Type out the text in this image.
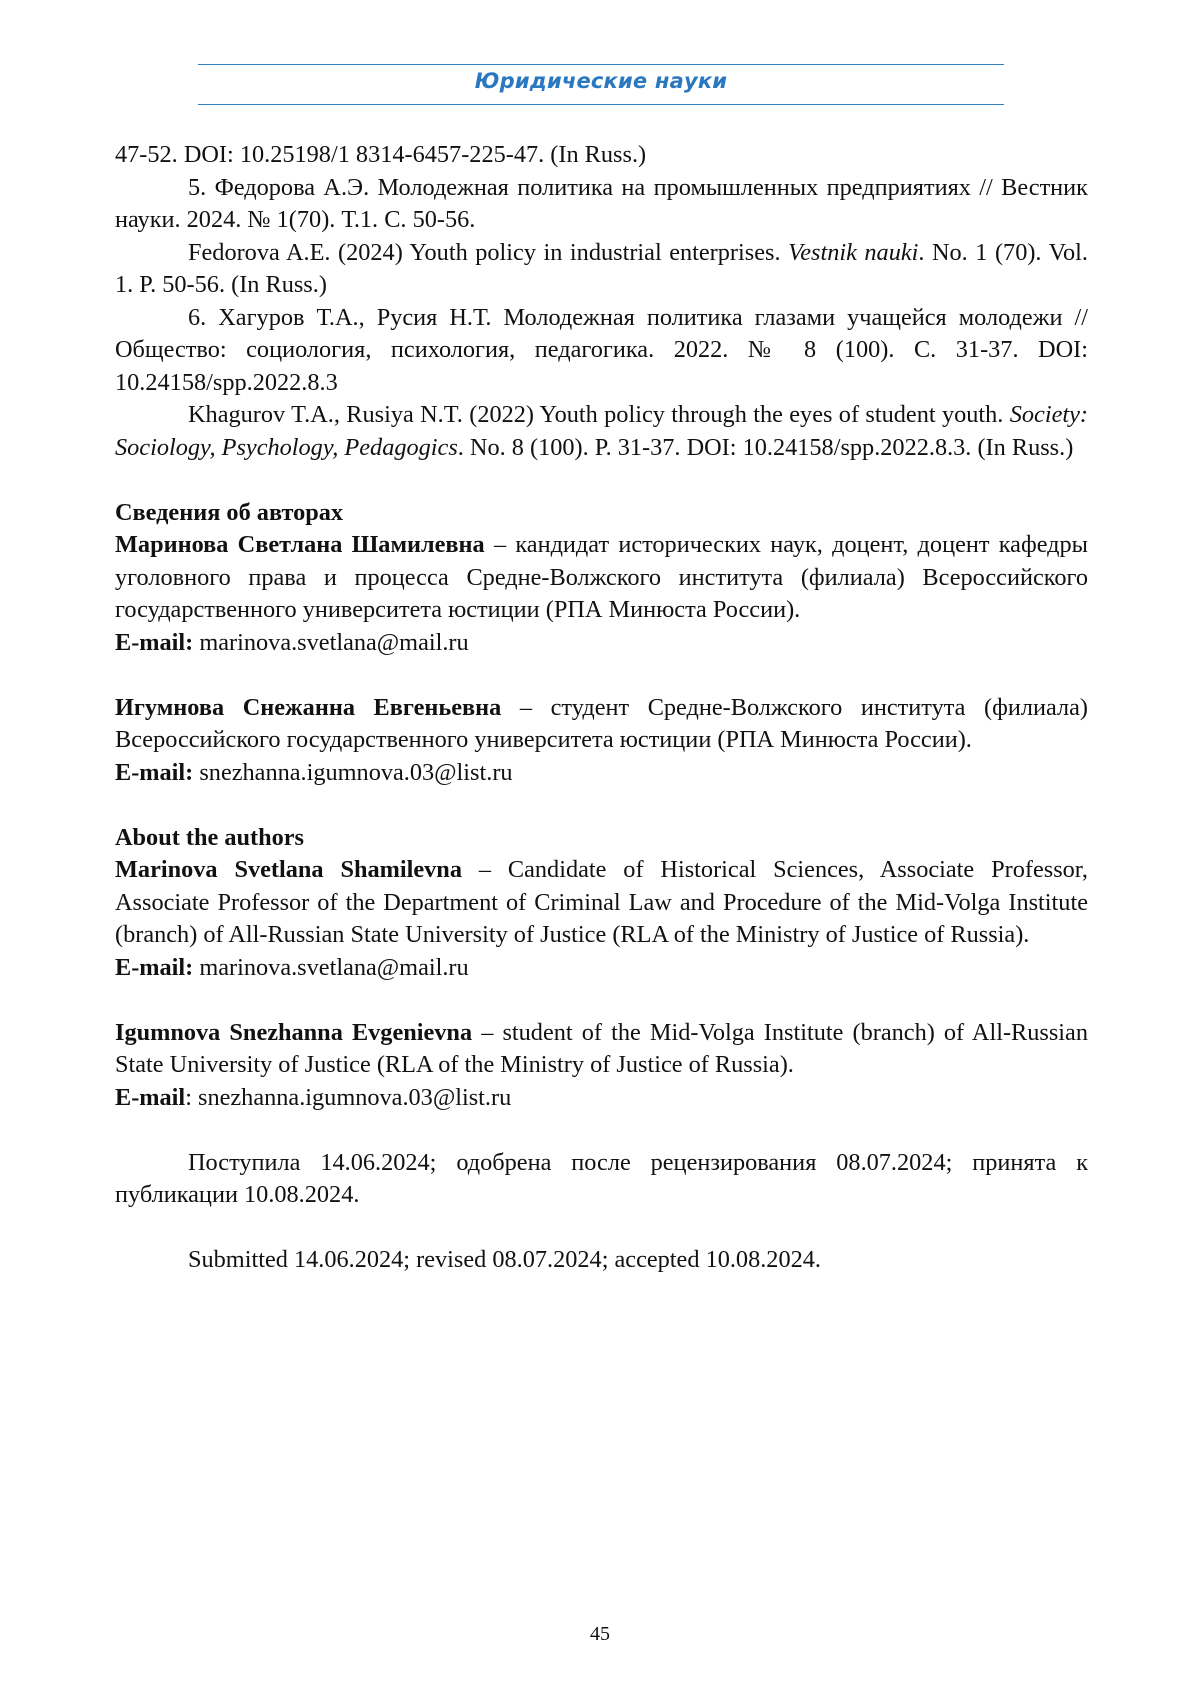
Юридические науки

47-52. DOI: 10.25198/1 8314-6457-225-47. (In Russ.)

5. Федорова А.Э. Молодежная политика на промышленных предприятиях // Вестник науки. 2024. № 1(70). Т.1. С. 50-56.

Fedorova A.E. (2024) Youth policy in industrial enterprises. Vestnik nauki. No. 1 (70). Vol. 1. P. 50-56. (In Russ.)

6. Хагуров Т.А., Русия Н.Т. Молодежная политика глазами учащейся молодежи // Общество: социология, психология, педагогика. 2022. № 8 (100). С. 31-37. DOI: 10.24158/spp.2022.8.3

Khagurov T.A., Rusiya N.T. (2022) Youth policy through the eyes of student youth. Society: Sociology, Psychology, Pedagogics. No. 8 (100). P. 31-37. DOI: 10.24158/spp.2022.8.3. (In Russ.)

Сведения об авторах

Маринова Светлана Шамилевна – кандидат исторических наук, доцент, доцент кафедры уголовного права и процесса Средне-Волжского института (филиала) Всероссийского государственного университета юстиции (РПА Минюста России).

E-mail: marinova.svetlana@mail.ru

Игумнова Снежанна Евгеньевна – студент Средне-Волжского института (филиала) Всероссийского государственного университета юстиции (РПА Минюста России).

E-mail: snezhanna.igumnova.03@list.ru

About the authors

Marinova Svetlana Shamilevna – Candidate of Historical Sciences, Associate Professor, Associate Professor of the Department of Criminal Law and Procedure of the Mid-Volga Institute (branch) of All-Russian State University of Justice (RLA of the Ministry of Justice of Russia).

E-mail: marinova.svetlana@mail.ru

Igumnova Snezhanna Evgenievna – student of the Mid-Volga Institute (branch) of All-Russian State University of Justice (RLA of the Ministry of Justice of Russia).

E-mail: snezhanna.igumnova.03@list.ru

Поступила 14.06.2024; одобрена после рецензирования 08.07.2024; принята к публикации 10.08.2024.

Submitted 14.06.2024; revised 08.07.2024; accepted 10.08.2024.

45
